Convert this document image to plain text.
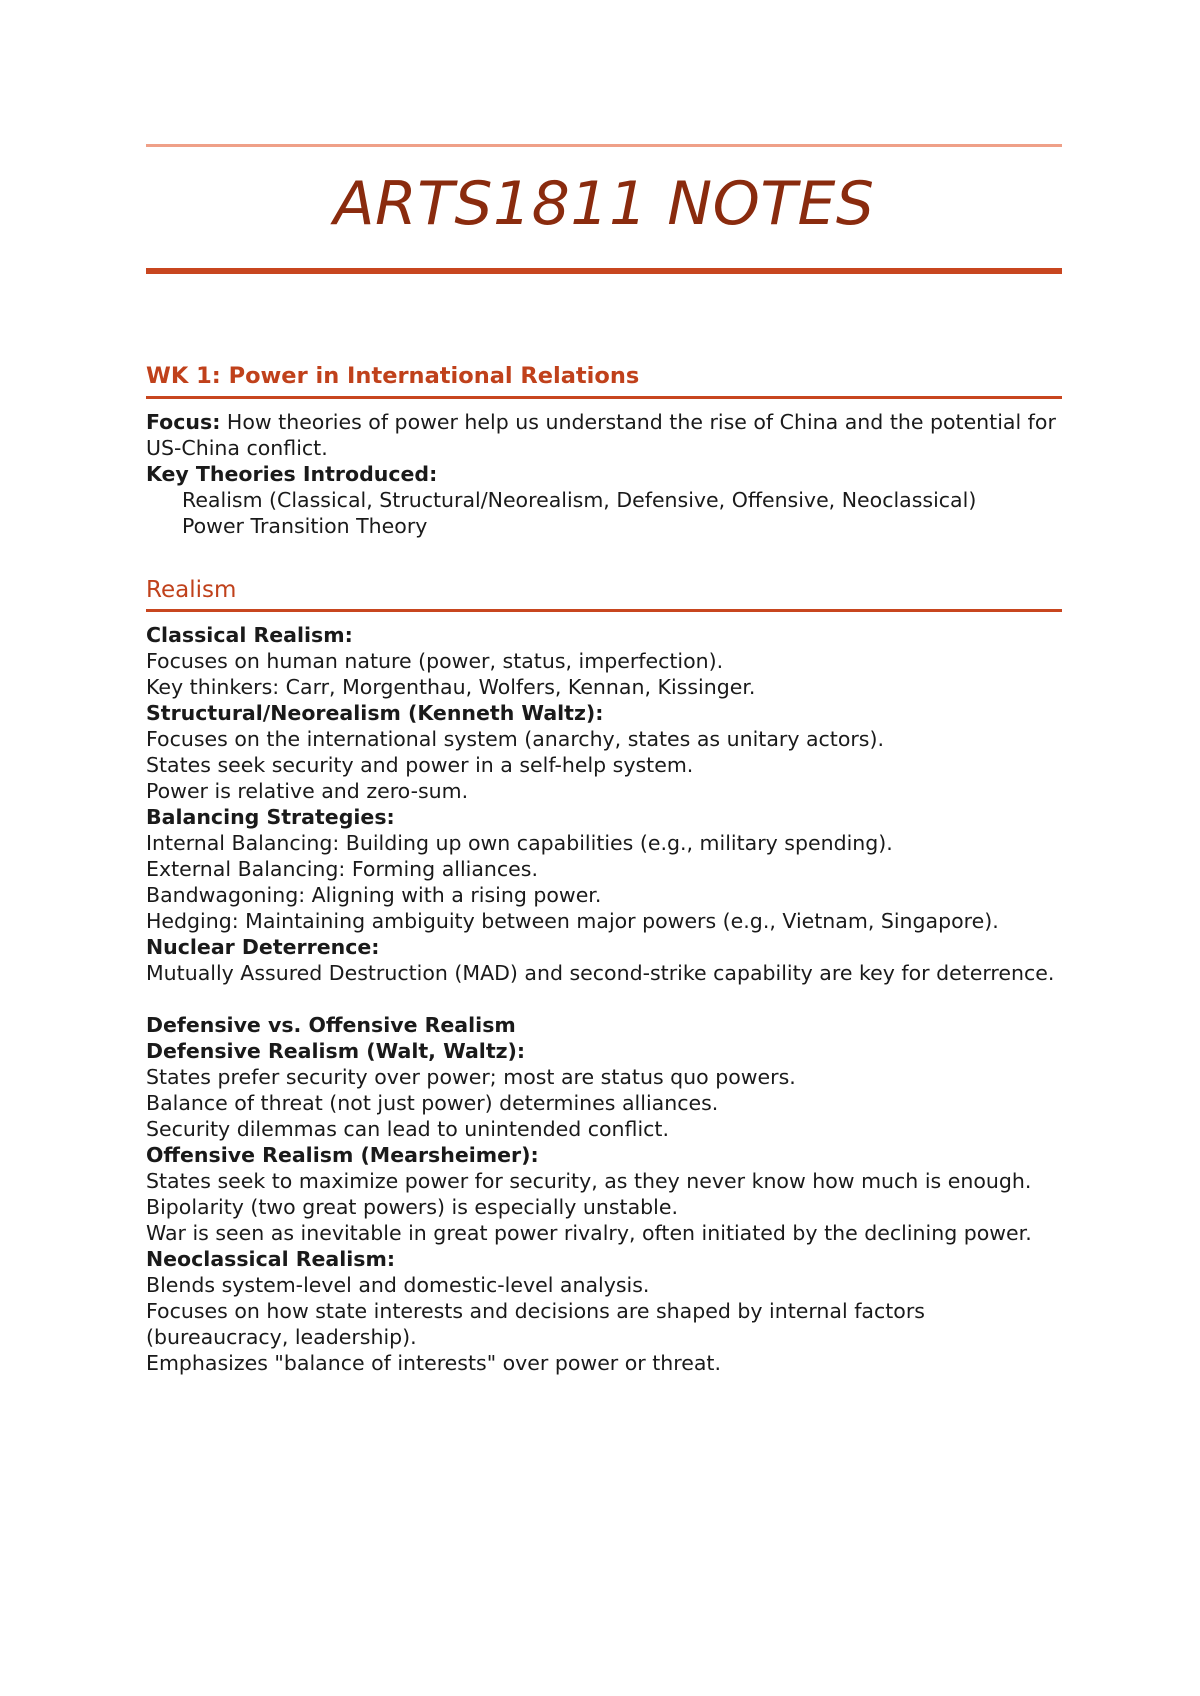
ARTS1811 NOTES
WK 1: Power in International Relations

Focus: How theories of power help us understand the rise of China and the potential for US-China conflict.

Key Theories Introduced:

Realism (Classical, Structural/Neorealism, Defensive, Offensive, Neoclassical)

Power Transition Theory

Realism

Classical Realism:

Focuses on human nature (power, status, imperfection).

Key thinkers: Carr, Morgenthau, Wolfers, Kennan, Kissinger.

Structural/Neorealism (Kenneth Waltz):

Focuses on the international system (anarchy, states as unitary actors).

States seek security and power in a self-help system.

Power is relative and zero-sum.

Balancing Strategies:

Internal Balancing: Building up own capabilities (e.g., military spending).

External Balancing: Forming alliances.

Bandwagoning: Aligning with a rising power.

Hedging: Maintaining ambiguity between major powers (e.g., Vietnam, Singapore).

Nuclear Deterrence:

Mutually Assured Destruction (MAD) and second-strike capability are key for deterrence.

Defensive vs. Offensive Realism

Defensive Realism (Walt, Waltz):

States prefer security over power; most are status quo powers.

Balance of threat (not just power) determines alliances.

Security dilemmas can lead to unintended conflict.

Offensive Realism (Mearsheimer):

States seek to maximize power for security, as they never know how much is enough.

Bipolarity (two great powers) is especially unstable.

War is seen as inevitable in great power rivalry, often initiated by the declining power.

Neoclassical Realism:

Blends system-level and domestic-level analysis.

Focuses on how state interests and decisions are shaped by internal factors (bureaucracy, leadership).

Emphasizes "balance of interests" over power or threat.
